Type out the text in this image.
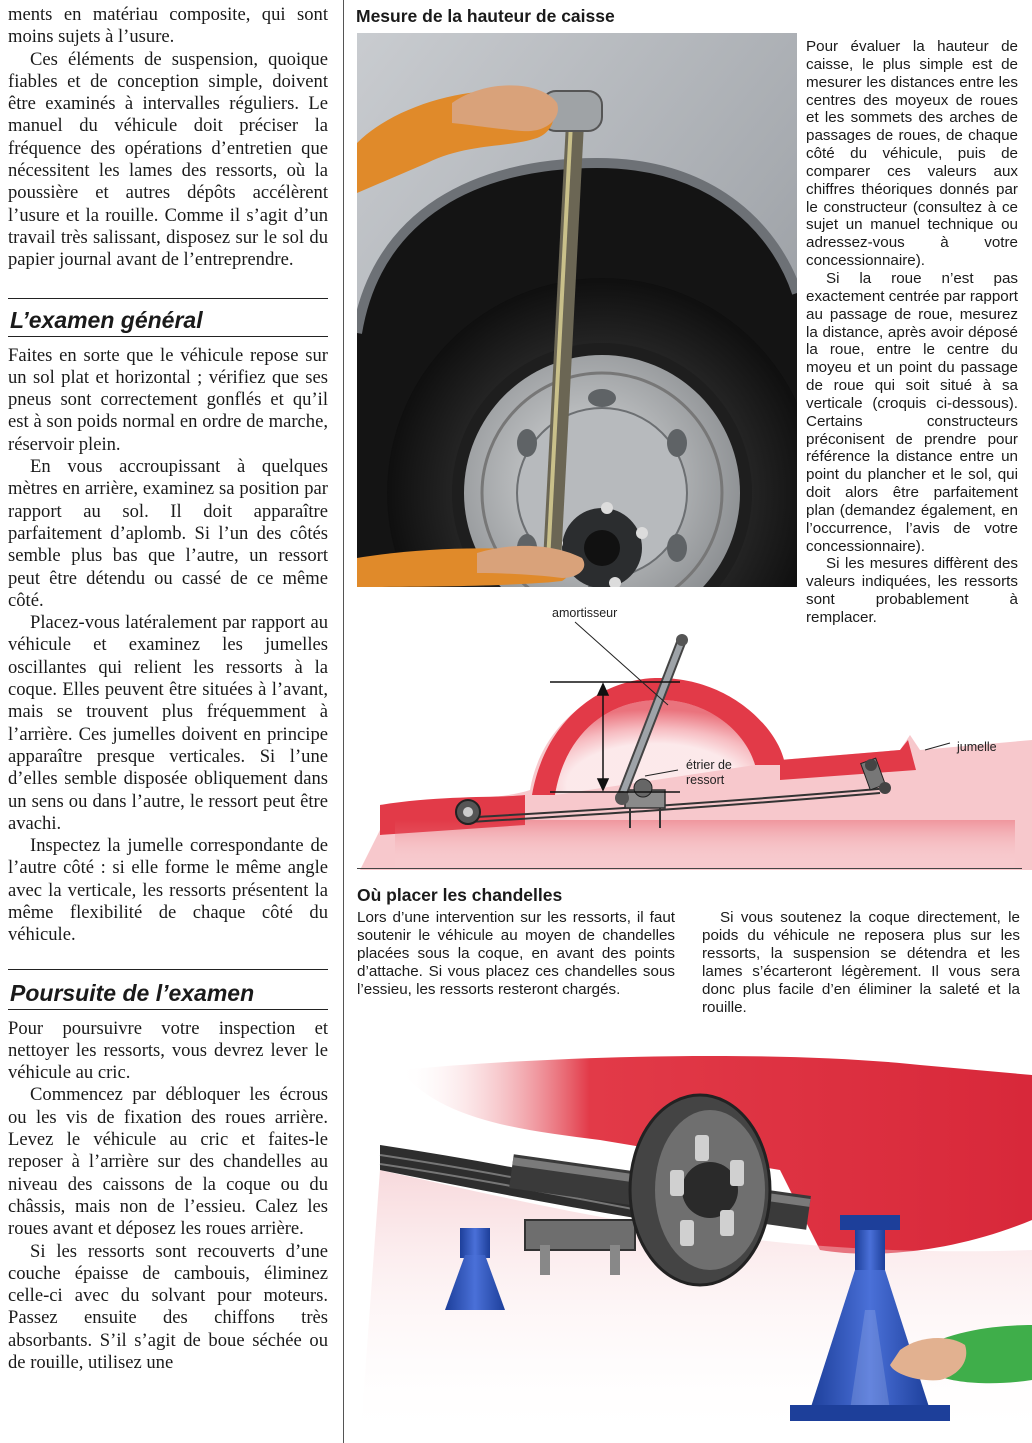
ments en matériau composite, qui sont moins sujets à l’usure.

Ces éléments de suspension, quoique fiables et de conception simple, doivent être examinés à intervalles réguliers. Le manuel du véhicule doit préciser la fréquence des opérations d’entretien que nécessitent les lames des ressorts, où la poussière et autres dépôts accélèrent l’usure et la rouille. Comme il s’agit d’un travail très salissant, disposez sur le sol du papier journal avant de l’entreprendre.

L’examen général

Faites en sorte que le véhicule repose sur un sol plat et horizontal ; vérifiez que ses pneus sont correctement gonflés et qu’il est à son poids normal en ordre de marche, réservoir plein.

En vous accroupissant à quelques mètres en arrière, examinez sa position par rapport au sol. Il doit apparaître parfaitement d’aplomb. Si l’un des côtés semble plus bas que l’autre, un ressort peut être détendu ou cassé de ce même côté.

Placez-vous latéralement par rapport au véhicule et examinez les jumelles oscillantes qui relient les ressorts à la coque. Elles peuvent être situées à l’avant, mais se trouvent plus fréquemment à l’arrière. Ces jumelles doivent en principe apparaître presque verticales. Si l’une d’elles semble disposée obliquement dans un sens ou dans l’autre, le ressort peut être avachi.

Inspectez la jumelle correspondante de l’autre côté : si elle forme le même angle avec la verticale, les ressorts présentent la même flexibilité de chaque côté du véhicule.

Poursuite de l’examen

Pour poursuivre votre inspection et nettoyer les ressorts, vous devrez lever le véhicule au cric.

Commencez par débloquer les écrous ou les vis de fixation des roues arrière. Levez le véhicule au cric et faites-le reposer à l’arrière sur des chandelles au niveau des caissons de la coque ou du châssis, mais non de l’essieu. Calez les roues avant et déposez les roues arrière.

Si les ressorts sont recouverts d’une couche épaisse de cambouis, éliminez celle-ci avec du solvant pour moteurs. Passez ensuite des chiffons très absorbants. S’il s’agit de boue séchée ou de rouille, utilisez une

Mesure de la hauteur de caisse

Pour évaluer la hauteur de caisse, le plus simple est de mesurer les distances entre les centres des moyeux de roues et les sommets des arches de passages de roues, de chaque côté du véhicule, puis de comparer ces valeurs aux chiffres théoriques donnés par le constructeur (consultez à ce sujet un manuel technique ou adressez-vous à votre concessionnaire).

Si la roue n’est pas exactement centrée par rapport au passage de roue, mesurez la distance, après avoir déposé la roue, entre le centre du moyeu et un point du passage de roue qui soit situé à sa verticale (croquis ci-dessous). Certains constructeurs préconisent de prendre pour référence la distance entre un point du plancher et le sol, qui doit alors être parfaitement plan (demandez également, en l’occurrence, l’avis de votre concessionnaire).

Si les mesures diffèrent des valeurs indiquées, les ressorts sont probablement à remplacer.

amortisseur
étrier de ressort
jumelle
Où placer les chandelles

Lors d’une intervention sur les ressorts, il faut soutenir le véhicule au moyen de chandelles placées sous la coque, en avant des points d’attache. Si vous placez ces chandelles sous l’essieu, les ressorts resteront chargés.

Si vous soutenez la coque directement, le poids du véhicule ne reposera plus sur les ressorts, la suspension se détendra et les lames s’écarteront légèrement. Il vous sera donc plus facile d’en éliminer la saleté et la rouille.
